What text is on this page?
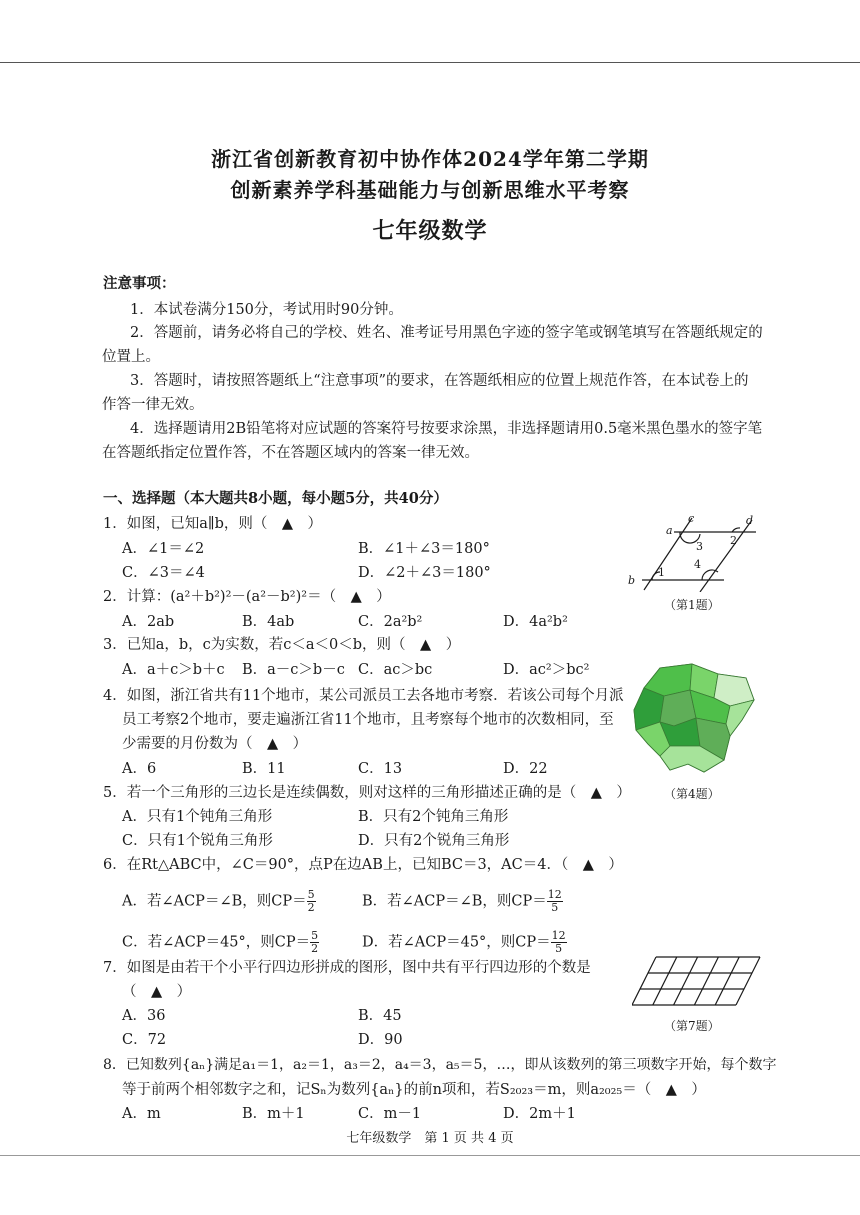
浙江省创新教育初中协作体2024学年第二学期
创新素养学科基础能力与创新思维水平考察
七年级数学
注意事项：
1．本试卷满分150分，考试用时90分钟。
2．答题前，请务必将自己的学校、姓名、准考证号用黑色字迹的签字笔或钢笔填写在答题纸规定的
位置上。
3．答题时，请按照答题纸上“注意事项”的要求，在答题纸相应的位置上规范作答，在本试卷上的
作答一律无效。
4．选择题请用2B铅笔将对应试题的答案符号按要求涂黑，非选择题请用0.5毫米黑色墨水的签字笔
在答题纸指定位置作答，不在答题区域内的答案一律无效。
一、选择题（本大题共8小题，每小题5分，共40分）
1．如图，已知a∥b，则（　▲　）
A．∠1＝∠2	B．∠1＋∠3＝180°
C．∠3＝∠4	D．∠2＋∠3＝180°
a
b
c	d
1
2
3
4
（第1题）
2．计算：(a²＋b²)²－(a²－b²)²＝（　▲　）
A．2ab	B．4ab	C．2a²b²	D．4a²b²
3．已知a，b，c为实数，若c＜a＜0＜b，则（　▲　）
A．a＋c＞b＋c B．a－c＞b－c C．ac＞bc	D．ac²＞bc²
4．如图，浙江省共有11个地市，某公司派员工去各地市考察．若该公司每个月派
员工考察2个地市，要走遍浙江省11个地市，且考察每个地市的次数相同，至
少需要的月份数为（　▲　）
A．6	B．11	C．13	D．22
（第4题）
5．若一个三角形的三边长是连续偶数，则对这样的三角形描述正确的是（　▲　）
A．只有1个钝角三角形	B．只有2个钝角三角形
C．只有1个锐角三角形	D．只有2个锐角三角形
6．在Rt△ABC中，∠C＝90°，点P在边AB上，已知BC＝3，AC＝4．（　▲　）
A．若∠ACP＝∠B，则$CP= \frac{5}{2}$	B．若∠ACP＝∠B，则$CP= \frac{12}{5}$
C．若∠ACP＝45°，则$CP= \frac{5}{2}$	D．若∠ACP＝45°，则$CP= \frac{12}{5}$
7．如图是由若干个小平行四边形拼成的图形，图中共有平行四边形的个数是
（　▲　）
A．36	B．45
C．72	D．90
（第7题）
8．已知数列{aₙ}满足a₁＝1，a₂＝1，a₃＝2，a₄＝3，a₅＝5，…，即从该数列的第三项数字开始，每个数字
等于前两个相邻数字之和，记Sₙ为数列{aₙ}的前n项和，若S₂₀₂₃＝m，则a₂₀₂₅＝（　▲　）
A．m	B．m＋1	C．m－1	D．2m＋1
七年级数学　第 1 页 共 4 页
